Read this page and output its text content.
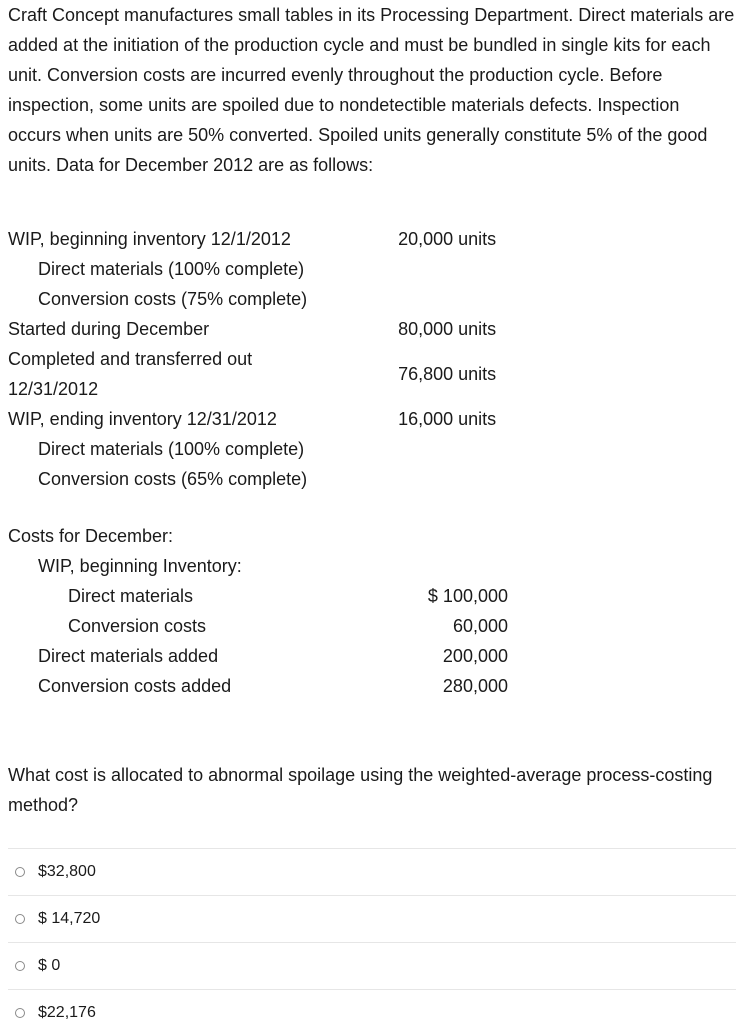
Craft Concept manufactures small tables in its Processing Department. Direct materials are added at the initiation of the production cycle and must be bundled in single kits for each unit. Conversion costs are incurred evenly throughout the production cycle. Before inspection, some units are spoiled due to nondetectible materials defects. Inspection occurs when units are 50% converted. Spoiled units generally constitute 5% of the good units. Data for December 2012 are as follows:

WIP, beginning inventory 12/1/2012		20,000 units
Direct materials (100% complete)		
Conversion costs (75% complete)		
Started during December		80,000 units

Completed and transferred out
12/31/2012		76,800 units
WIP, ending inventory 12/31/2012		16,000 units
Direct materials (100% complete)		
Conversion costs (65% complete)		
Costs for December:		
WIP, beginning Inventory:		
Direct materials		$ 100,000
Conversion costs		60,000
Direct materials added		200,000
Conversion costs added		280,000

What cost is allocated to abnormal spoilage using the weighted-average process-costing method?

$32,800
$ 14,720
$ 0
$22,176
